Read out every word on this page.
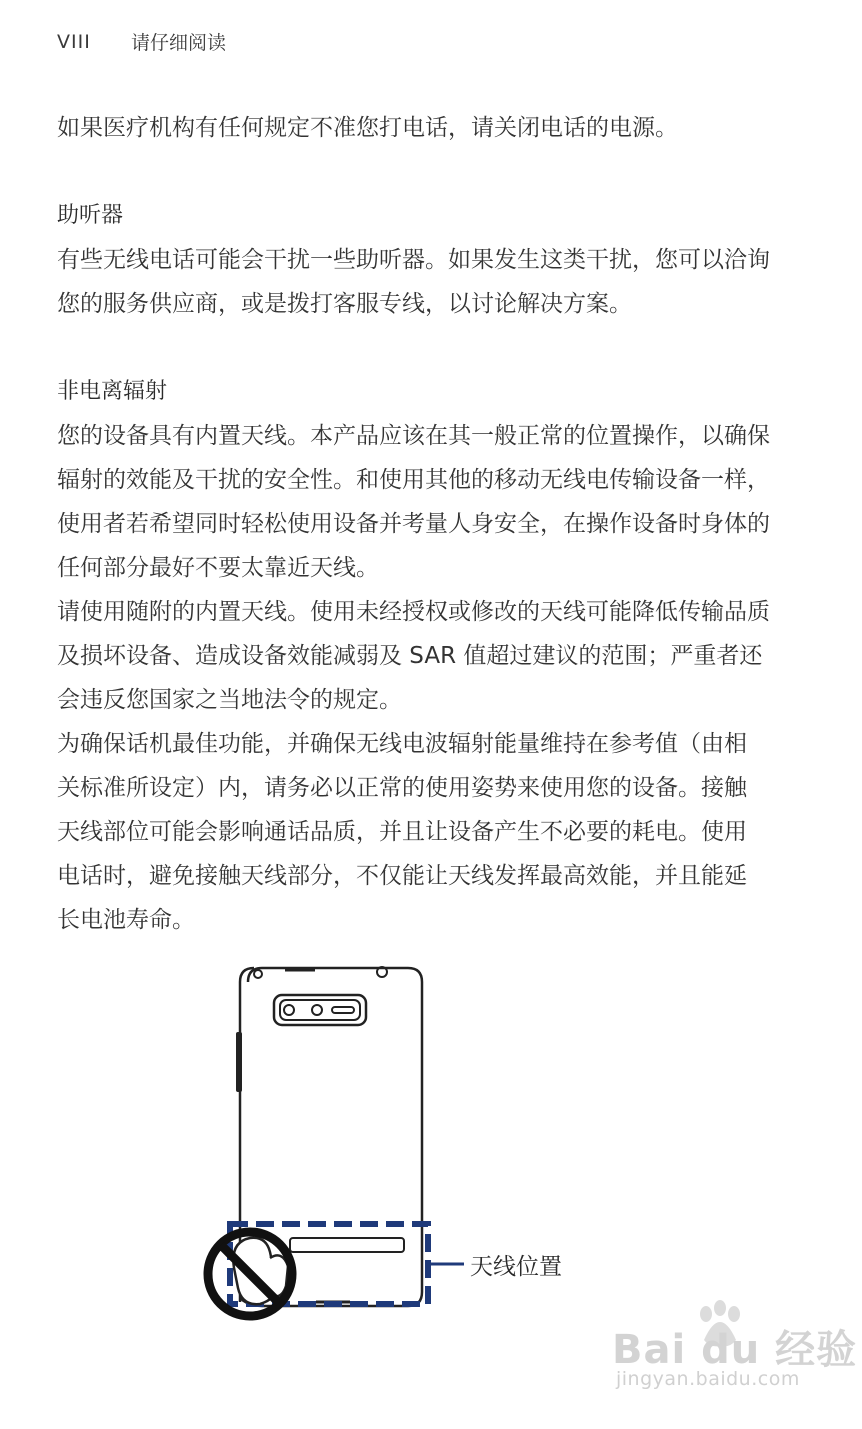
VIII	请仔细阅读

如果医疗机构有任何规定不准您打电话，请关闭电话的电源。

助听器

有些无线电话可能会干扰一些助听器。如果发生这类干扰，您可以洽询

您的服务供应商，或是拨打客服专线，以讨论解决方案。

非电离辐射

您的设备具有内置天线。本产品应该在其一般正常的位置操作，以确保

辐射的效能及干扰的安全性。和使用其他的移动无线电传输设备一样，

使用者若希望同时轻松使用设备并考量人身安全，在操作设备时身体的

任何部分最好不要太靠近天线。

请使用随附的内置天线。使用未经授权或修改的天线可能降低传输品质

及损坏设备、造成设备效能减弱及 SAR 值超过建议的范围；严重者还

会违反您国家之当地法令的规定。

为确保话机最佳功能，并确保无线电波辐射能量维持在参考值（由相

关标准所设定）内，请务必以正常的使用姿势来使用您的设备。接触

天线部位可能会影响通话品质，并且让设备产生不必要的耗电。使用

电话时，避免接触天线部分，不仅能让天线发挥最高效能，并且能延

长电池寿命。

天线位置
Bai du 经验
jingyan.baidu.com
